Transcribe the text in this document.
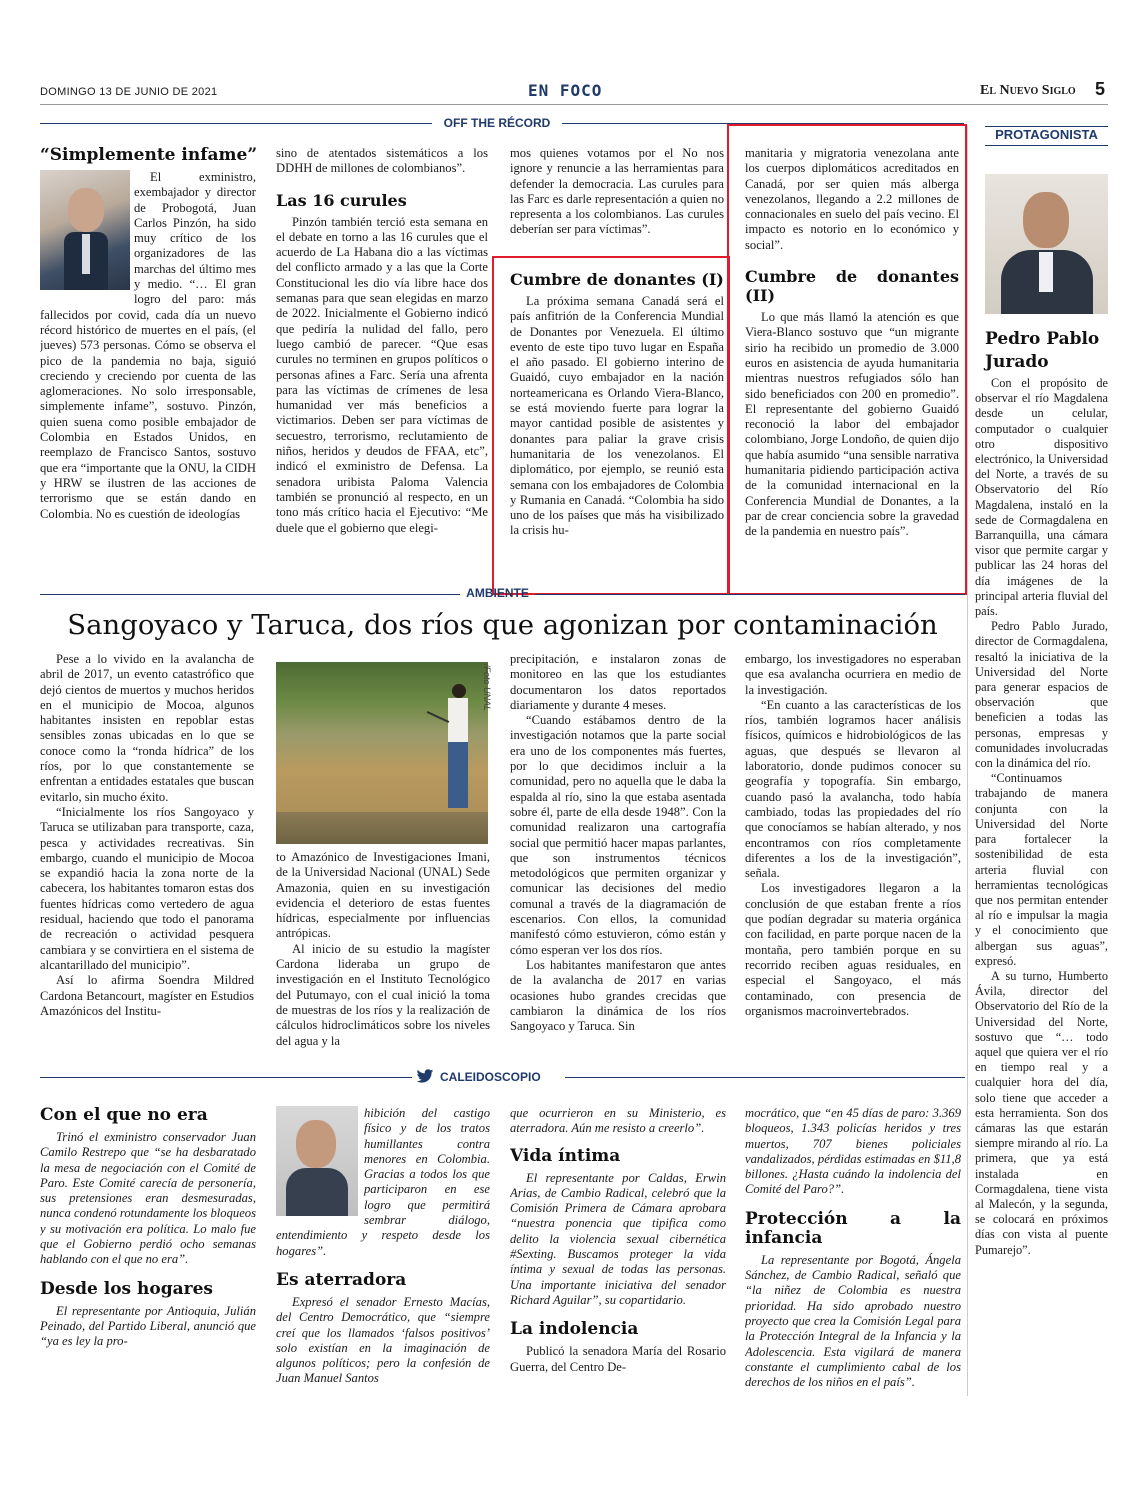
DOMINGO 13 DE JUNIO DE 2021	EN FOCO	El Nuevo Siglo 5
OFF THE RÉCORD
PROTAGONISTA
“Simplemente infame”

El exministro, exembajador y director de Probogotá, Juan Carlos Pinzón, ha sido muy crítico de los organizadores de las marchas del último mes y medio. “… El gran logro del paro: más fallecidos por covid, cada día un nuevo récord histórico de muertes en el país, (el jueves) 573 personas. Cómo se observa el pico de la pandemia no baja, siguió creciendo y creciendo por cuenta de las aglomeraciones. No solo irresponsable, simplemente infame”, sostuvo. Pinzón, quien suena como posible embajador de Colombia en Estados Unidos, en reemplazo de Francisco Santos, sostuvo que era “importante que la ONU, la CIDH y HRW se ilustren de las acciones de terrorismo que se están dando en Colombia. No es cuestión de ideologías

sino de atentados sistemáticos a los DDHH de millones de colombianos”.

Las 16 curules

Pinzón también terció esta semana en el debate en torno a las 16 curules que el acuerdo de La Habana dio a las víctimas del conflicto armado y a las que la Corte Constitucional les dio vía libre hace dos semanas para que sean elegidas en marzo de 2022. Inicialmente el Gobierno indicó que pediría la nulidad del fallo, pero luego cambió de parecer. “Que esas curules no terminen en grupos políticos o personas afines a Farc. Sería una afrenta para las víctimas de crímenes de lesa humanidad ver más beneficios a victimarios. Deben ser para víctimas de secuestro, terrorismo, reclutamiento de niños, heridos y deudos de FFAA, etc”, indicó el exministro de Defensa. La senadora uribista Paloma Valencia también se pronunció al respecto, en un tono más crítico hacia el Ejecutivo: “Me duele que el gobierno que elegi-

mos quienes votamos por el No nos ignore y renuncie a las herramientas para defender la democracia. Las curules para las Farc es darle representación a quien no representa a los colombianos. Las curules deberían ser para víctimas”.

Cumbre de donantes (I)

La próxima semana Canadá será el país anfitrión de la Conferencia Mundial de Donantes por Venezuela. El último evento de este tipo tuvo lugar en España el año pasado. El gobierno interino de Guaidó, cuyo embajador en la nación norteamericana es Orlando Viera-Blanco, se está moviendo fuerte para lograr la mayor cantidad posible de asistentes y donantes para paliar la grave crisis humanitaria de los venezolanos. El diplomático, por ejemplo, se reunió esta semana con los embajadores de Colombia y Rumania en Canadá. “Colombia ha sido uno de los países que más ha visibilizado la crisis hu-

manitaria y migratoria venezolana ante los cuerpos diplomáticos acreditados en Canadá, por ser quien más alberga venezolanos, llegando a 2.2 millones de connacionales en suelo del país vecino. El impacto es notorio en lo económico y social”.

Cumbre de donantes (II)

Lo que más llamó la atención es que Viera-Blanco sostuvo que “un migrante sirio ha recibido un promedio de 3.000 euros en asistencia de ayuda humanitaria mientras nuestros refugiados sólo han sido beneficiados con 200 en promedio”. El representante del gobierno Guaidó reconoció la labor del embajador colombiano, Jorge Londoño, de quien dijo que había asumido “una sensible narrativa humanitaria pidiendo participación activa de la comunidad internacional en la Conferencia Mundial de Donantes, a la par de crear conciencia sobre la gravedad de la pandemia en nuestro país”.

Pedro Pablo Jurado

Con el propósito de observar el río Magdalena desde un celular, computador o cualquier otro dispositivo electrónico, la Universidad del Norte, a través de su Observatorio del Río Magdalena, instaló en la sede de Cormagdalena en Barranquilla, una cámara visor que permite cargar y publicar las 24 horas del día imágenes de la principal arteria fluvial del país.

Pedro Pablo Jurado, director de Cormagdalena, resaltó la iniciativa de la Universidad del Norte para generar espacios de observación que beneficien a todas las personas, empresas y comunidades involucradas con la dinámica del río.

“Continuamos trabajando de manera conjunta con la Universidad del Norte para fortalecer la sostenibilidad de esta arteria fluvial con herramientas tecnológicas que nos permitan entender al río e impulsar la magia y el conocimiento que albergan sus aguas”, expresó.

A su turno, Humberto Ávila, director del Observatorio del Río de la Universidad del Norte, sostuvo que “… todo aquel que quiera ver el río en tiempo real y a cualquier hora del día, solo tiene que acceder a esta herramienta. Son dos cámaras las que estarán siempre mirando al río. La primera, que ya está instalada en Cormagdalena, tiene vista al Malecón, y la segunda, se colocará en próximos días con vista al puente Pumarejo”.

AMBIENTE
Sangoyaco y Taruca, dos ríos que agonizan por contaminación

Pese a lo vivido en la avalancha de abril de 2017, un evento catastrófico que dejó cientos de muertos y muchos heridos en el municipio de Mocoa, algunos habitantes insisten en repoblar estas sensibles zonas ubicadas en lo que se conoce como la “ronda hídrica” de los ríos, por lo que constantemente se enfrentan a entidades estatales que buscan evitarlo, sin mucho éxito.

“Inicialmente los ríos Sangoyaco y Taruca se utilizaban para transporte, caza, pesca y actividades recreativas. Sin embargo, cuando el municipio de Mocoa se expandió hacia la zona norte de la cabecera, los habitantes tomaron estas dos fuentes hídricas como vertedero de agua residual, haciendo que todo el panorama de recreación o actividad pesquera cambiara y se convirtiera en el sistema de alcantarillado del municipio”.

Así lo afirma Soendra Mildred Cardona Betancourt, magíster en Estudios Amazónicos del Institu-

/Foto UNAL

to Amazónico de Investigaciones Imani, de la Universidad Nacional (UNAL) Sede Amazonia, quien en su investigación evidencia el deterioro de estas fuentes hídricas, especialmente por influencias antrópicas.

Al inicio de su estudio la magíster Cardona lideraba un grupo de investigación en el Instituto Tecnológico del Putumayo, con el cual inició la toma de muestras de los ríos y la realización de cálculos hidroclimáticos sobre los niveles del agua y la

precipitación, e instalaron zonas de monitoreo en las que los estudiantes documentaron los datos reportados diariamente y durante 4 meses.

“Cuando estábamos dentro de la investigación notamos que la parte social era uno de los componentes más fuertes, por lo que decidimos incluir a la comunidad, pero no aquella que le daba la espalda al río, sino la que estaba asentada sobre él, parte de ella desde 1948”. Con la comunidad realizaron una cartografía social que permitió hacer mapas parlantes, que son instrumentos técnicos metodológicos que permiten organizar y comunicar las decisiones del medio comunal a través de la diagramación de escenarios. Con ellos, la comunidad manifestó cómo estuvieron, cómo están y cómo esperan ver los dos ríos.

Los habitantes manifestaron que antes de la avalancha de 2017 en varias ocasiones hubo grandes crecidas que cambiaron la dinámica de los ríos Sangoyaco y Taruca. Sin

embargo, los investigadores no esperaban que esa avalancha ocurriera en medio de la investigación.

“En cuanto a las características de los ríos, también logramos hacer análisis físicos, químicos e hidrobiológicos de las aguas, que después se llevaron al laboratorio, donde pudimos conocer su geografía y topografía. Sin embargo, cuando pasó la avalancha, todo había cambiado, todas las propiedades del río que conocíamos se habían alterado, y nos encontramos con ríos completamente diferentes a los de la investigación”, señala.

Los investigadores llegaron a la conclusión de que estaban frente a ríos que podían degradar su materia orgánica con facilidad, en parte porque nacen de la montaña, pero también porque en su recorrido reciben aguas residuales, en especial el Sangoyaco, el más contaminado, con presencia de organismos macroinvertebrados.

CALEIDOSCOPIO
Con el que no era

Trinó el exministro conservador Juan Camilo Restrepo que “se ha desbaratado la mesa de negociación con el Comité de Paro. Este Comité carecía de personería, sus pretensiones eran desmesuradas, nunca condenó rotundamente los bloqueos y su motivación era política. Lo malo fue que el Gobierno perdió ocho semanas hablando con el que no era”.

Desde los hogares

El representante por Antioquia, Julián Peinado, del Partido Liberal, anunció que “ya es ley la pro-

hibición del castigo físico y de los tratos humillantes contra menores en Colombia. Gracias a todos los que participaron en ese logro que permitirá sembrar diálogo, entendimiento y respeto desde los hogares”.

Es aterradora

Expresó el senador Ernesto Macías, del Centro Democrático, que “siempre creí que los llamados ‘falsos positivos’ solo existían en la imaginación de algunos políticos; pero la confesión de Juan Manuel Santos

que ocurrieron en su Ministerio, es aterradora. Aún me resisto a creerlo”.

Vida íntima

El representante por Caldas, Erwin Arias, de Cambio Radical, celebró que la Comisión Primera de Cámara aprobara “nuestra ponencia que tipifica como delito la violencia sexual cibernética #Sexting. Buscamos proteger la vida íntima y sexual de todas las personas. Una importante iniciativa del senador Richard Aguilar”, su copartidario.

La indolencia

Publicó la senadora María del Rosario Guerra, del Centro De-

mocrático, que “en 45 días de paro: 3.369 bloqueos, 1.343 policías heridos y tres muertos, 707 bienes policiales vandalizados, pérdidas estimadas en $11,8 billones. ¿Hasta cuándo la indolencia del Comité del Paro?”.

Protección a la infancia

La representante por Bogotá, Ángela Sánchez, de Cambio Radical, señaló que “la niñez de Colombia es nuestra prioridad. Ha sido aprobado nuestro proyecto que crea la Comisión Legal para la Protección Integral de la Infancia y la Adolescencia. Esta vigilará de manera constante el cumplimiento cabal de los derechos de los niños en el país”.
